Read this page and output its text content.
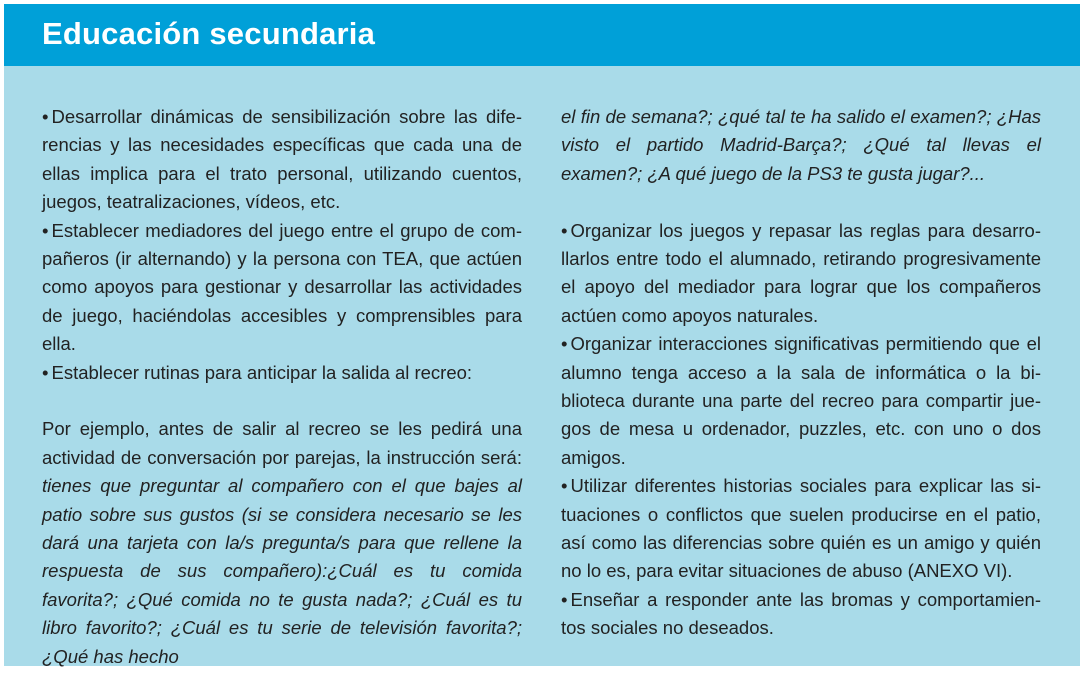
Educación secundaria

• Desarrollar dinámicas de sensibilización sobre las diferencias y las necesidades específicas que cada una de ellas implica para el trato personal, utilizando cuentos, juegos, teatralizaciones, vídeos, etc.

• Establecer mediadores del juego entre el grupo de compañeros (ir alternando) y la persona con TEA, que actúen como apoyos para gestionar y desarrollar las actividades de juego, haciéndolas accesibles y comprensibles para ella.

• Establecer rutinas para anticipar la salida al recreo:

Por ejemplo, antes de salir al recreo se les pedirá una actividad de conversación por parejas, la instrucción será: tienes que preguntar al compañero con el que bajes al patio sobre sus gustos (si se considera necesario se les dará una tarjeta con la/s pregunta/s para que rellene la respuesta de sus compañero):¿Cuál es tu comida favorita?; ¿Qué comida no te gusta nada?; ¿Cuál es tu libro favorito?; ¿Cuál es tu serie de televisión favorita?; ¿Qué has hecho

el fin de semana?; ¿qué tal te ha salido el examen?; ¿Has visto el partido Madrid-Barça?; ¿Qué tal llevas el examen?; ¿A qué juego de la PS3 te gusta jugar?...

• Organizar los juegos y repasar las reglas para desarrollarlos entre todo el alumnado, retirando progresivamente el apoyo del mediador para lograr que los compañeros actúen como apoyos naturales.

• Organizar interacciones significativas permitiendo que el alumno tenga acceso a la sala de informática o la biblioteca durante una parte del recreo para compartir juegos de mesa u ordenador, puzzles, etc. con uno o dos amigos.

• Utilizar diferentes historias sociales para explicar las situaciones o conflictos que suelen producirse en el patio, así como las diferencias sobre quién es un amigo y quién no lo es, para evitar situaciones de abuso (ANEXO VI).

• Enseñar a responder ante las bromas y comportamientos sociales no deseados.
